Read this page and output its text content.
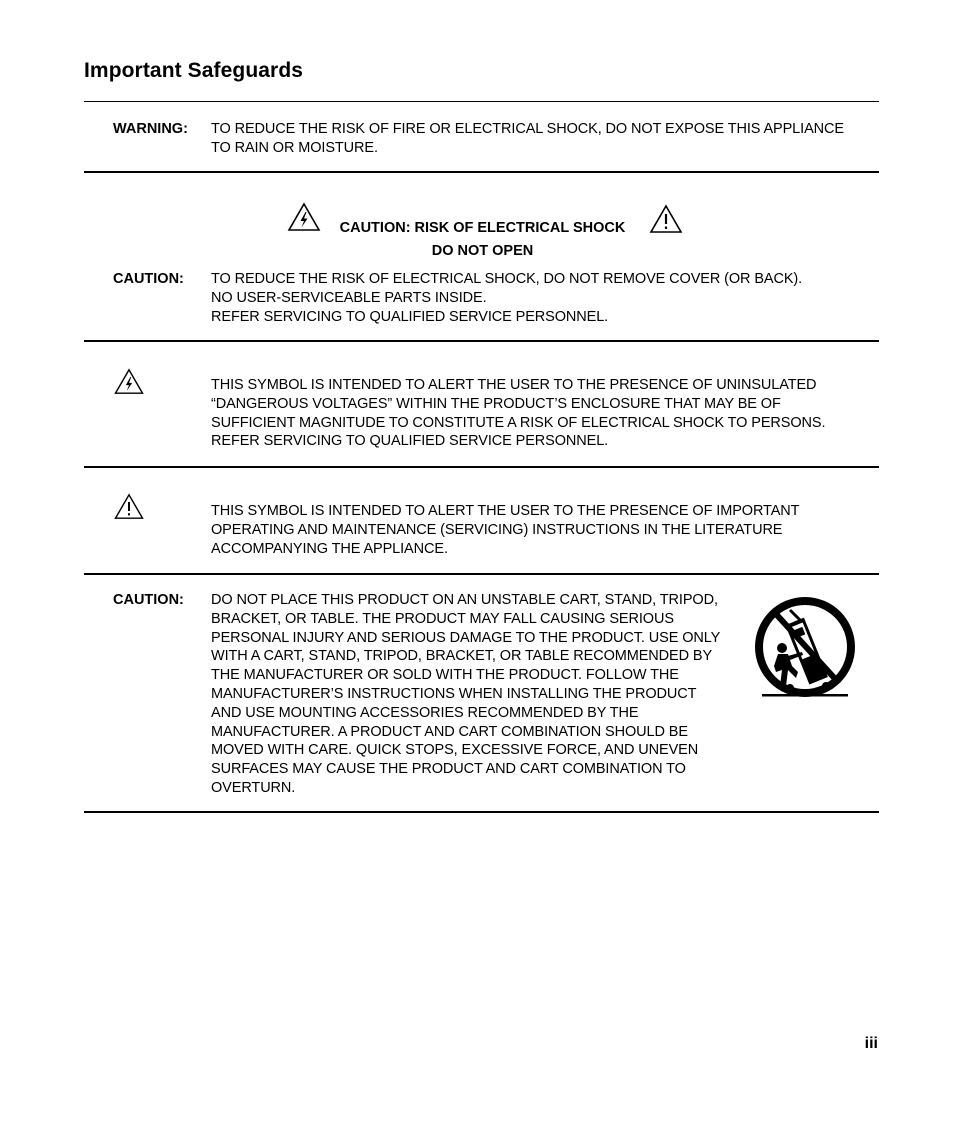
Important Safeguards
WARNING: TO REDUCE THE RISK OF FIRE OR ELECTRICAL SHOCK, DO NOT EXPOSE THIS APPLIANCE
TO RAIN OR MOISTURE.
CAUTION: RISK OF ELECTRICAL SHOCK
DO NOT OPEN
CAUTION: TO REDUCE THE RISK OF ELECTRICAL SHOCK, DO NOT REMOVE COVER (OR BACK).
NO USER-SERVICEABLE PARTS INSIDE.
REFER SERVICING TO QUALIFIED SERVICE PERSONNEL.
THIS SYMBOL IS INTENDED TO ALERT THE USER TO THE PRESENCE OF UNINSULATED
“DANGEROUS VOLTAGES” WITHIN THE PRODUCT’S ENCLOSURE THAT MAY BE OF
SUFFICIENT MAGNITUDE TO CONSTITUTE A RISK OF ELECTRICAL SHOCK TO PERSONS.
REFER SERVICING TO QUALIFIED SERVICE PERSONNEL.
THIS SYMBOL IS INTENDED TO ALERT THE USER TO THE PRESENCE OF IMPORTANT
OPERATING AND MAINTENANCE (SERVICING) INSTRUCTIONS IN THE LITERATURE
ACCOMPANYING THE APPLIANCE.
CAUTION: DO NOT PLACE THIS PRODUCT ON AN UNSTABLE CART, STAND, TRIPOD,
BRACKET, OR TABLE. THE PRODUCT MAY FALL CAUSING SERIOUS
PERSONAL INJURY AND SERIOUS DAMAGE TO THE PRODUCT. USE ONLY
WITH A CART, STAND, TRIPOD, BRACKET, OR TABLE RECOMMENDED BY
THE MANUFACTURER OR SOLD WITH THE PRODUCT. FOLLOW THE
MANUFACTURER’S INSTRUCTIONS WHEN INSTALLING THE PRODUCT
AND USE MOUNTING ACCESSORIES RECOMMENDED BY THE
MANUFACTURER. A PRODUCT AND CART COMBINATION SHOULD BE
MOVED WITH CARE. QUICK STOPS, EXCESSIVE FORCE, AND UNEVEN
SURFACES MAY CAUSE THE PRODUCT AND CART COMBINATION TO
OVERTURN.
iii
